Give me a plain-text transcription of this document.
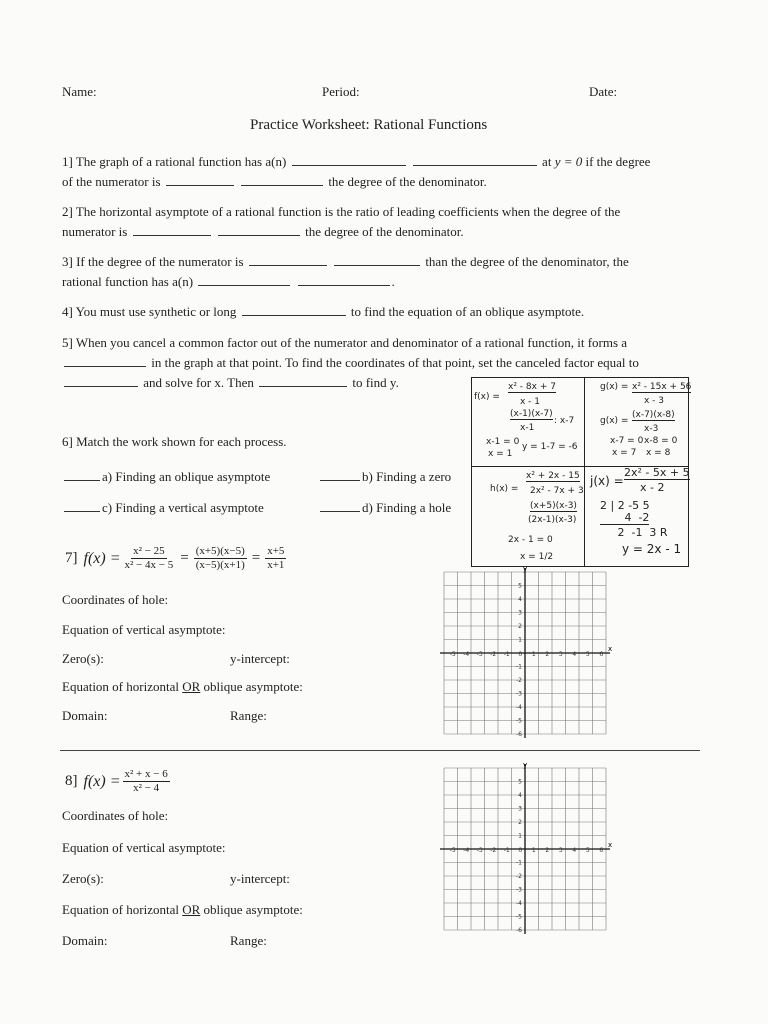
Name:	Period:	Date:
Practice Worksheet: Rational Functions
1] The graph of a rational function has a(n)	at y = 0 if the degree
of the numerator is	the degree of the denominator.
2] The horizontal asymptote of a rational function is the ratio of leading coefficients when the degree of the
numerator is	the degree of the denominator.
3] If the degree of the numerator is	than the degree of the denominator, the
rational function has a(n)	.
4] You must use synthetic or long	to find the equation of an oblique asymptote.
5] When you cancel a common factor out of the numerator and denominator of a rational function, it forms a
in the graph at that point. To find the coordinates of that point, set the canceled factor equal to
and solve for x. Then	to find y.
6] Match the work shown for each process.
a) Finding an oblique asymptote	b) Finding a zero
c) Finding a vertical asymptote	d) Finding a hole
f(x) =
x² - 8x + 7
x - 1
(x-1)(x-7)
x-1
: x-7
x-1 = 0
x = 1
y = 1-7 = -6
g(x) = x² - 15x + 56
x - 3
g(x) =
(x-7)(x-8)
x-3
x-7 = 0 x-8 = 0
x = 7 x = 8
h(x) =
x² + 2x - 15
2x² - 7x + 3
(x+5)(x-3)
(2x-1)(x-3)
2x - 1 = 0
x = 1/2
j(x) =
2x² - 5x + 5
x - 2
2 | 2 -5 5
4  -2
2  -1  3 R
y = 2x - 1
7] $f(x) = \frac{\text{x² − 25}}{\text{x² − 4x − 5}} = \frac{(x+5)(x-5)}{(x-5)(x+1)} = \frac{x+5}{x+1}$
Coordinates of hole:
Equation of vertical asymptote:
Zero(s):	y-intercept:
Equation of horizontal OR oblique asymptote:
Domain:	Range:
x
y
-5 -4 -3 -2 -1 0 1 2 3 4 5 6
5
4
3
2
1
-1
-2
-3
-4
-5
-6
8] $f(x) = \frac{\text{x² + x − 6}}{\text{x² − 4}}$
Coordinates of hole:
Equation of vertical asymptote:
Zero(s):	y-intercept:
Equation of horizontal OR oblique asymptote:
Domain:	Range:
x
y
-5 -4 -3 -2 -1 0 1 2 3 4 5 6
5
4
3
2
1
-1
-2
-3
-4
-5
-6
